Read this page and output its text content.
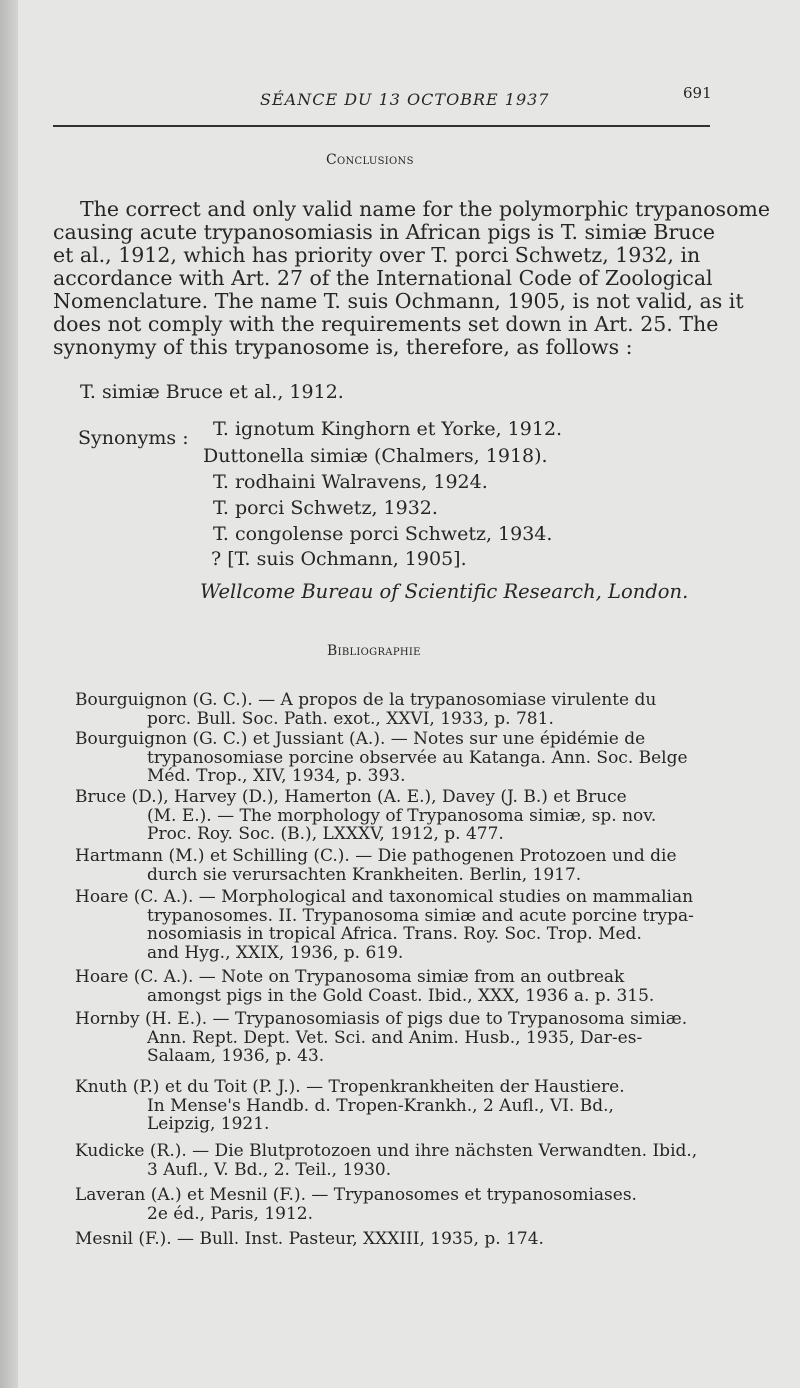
SÉANCE DU 13 OCTOBRE 1937	691
Conclusions
The correct and only valid name for the polymorphic trypanosome
causing acute trypanosomiasis in African pigs is T. simiæ Bruce
et al., 1912, which has priority over T. porci Schwetz, 1932, in
accordance with Art. 27 of the International Code of Zoological
Nomenclature. The name T. suis Ochmann, 1905, is not valid, as it
does not comply with the requirements set down in Art. 25. The
synonymy of this trypanosome is, therefore, as follows :
T. simiæ Bruce et al., 1912.
Synonyms : T. ignotum Kinghorn et Yorke, 1912.
Duttonella simiæ (Chalmers, 1918).
T. rodhaini Walravens, 1924.
T. porci Schwetz, 1932.
T. congolense porci Schwetz, 1934.
? [T. suis Ochmann, 1905].
Wellcome Bureau of Scientific Research, London.
Bibliographie
Bourguignon (G. C.). — A propos de la trypanosomiase virulente du
porc. Bull. Soc. Path. exot., XXVI, 1933, p. 781.
Bourguignon (G. C.) et Jussiant (A.). — Notes sur une épidémie de
trypanosomiase porcine observée au Katanga. Ann. Soc. Belge
Méd. Trop., XIV, 1934, p. 393.
Bruce (D.), Harvey (D.), Hamerton (A. E.), Davey (J. B.) et Bruce
(M. E.). — The morphology of Trypanosoma simiæ, sp. nov.
Proc. Roy. Soc. (B.), LXXXV, 1912, p. 477.
Hartmann (M.) et Schilling (C.). — Die pathogenen Protozoen und die
durch sie verursachten Krankheiten. Berlin, 1917.
Hoare (C. A.). — Morphological and taxonomical studies on mammalian
trypanosomes. II. Trypanosoma simiæ and acute porcine trypa-
nosomiasis in tropical Africa. Trans. Roy. Soc. Trop. Med.
and Hyg., XXIX, 1936, p. 619.
Hoare (C. A.). — Note on Trypanosoma simiæ from an outbreak
amongst pigs in the Gold Coast. Ibid., XXX, 1936 a. p. 315.
Hornby (H. E.). — Trypanosomiasis of pigs due to Trypanosoma simiæ.
Ann. Rept. Dept. Vet. Sci. and Anim. Husb., 1935, Dar-es-
Salaam, 1936, p. 43.
Knuth (P.) et du Toit (P. J.). — Tropenkrankheiten der Haustiere.
In Mense's Handb. d. Tropen-Krankh., 2 Aufl., VI. Bd.,
Leipzig, 1921.
Kudicke (R.). — Die Blutprotozoen und ihre nächsten Verwandten. Ibid.,
3 Aufl., V. Bd., 2. Teil., 1930.
Laveran (A.) et Mesnil (F.). — Trypanosomes et trypanosomiases.
2e éd., Paris, 1912.
Mesnil (F.). — Bull. Inst. Pasteur, XXXIII, 1935, p. 174.
